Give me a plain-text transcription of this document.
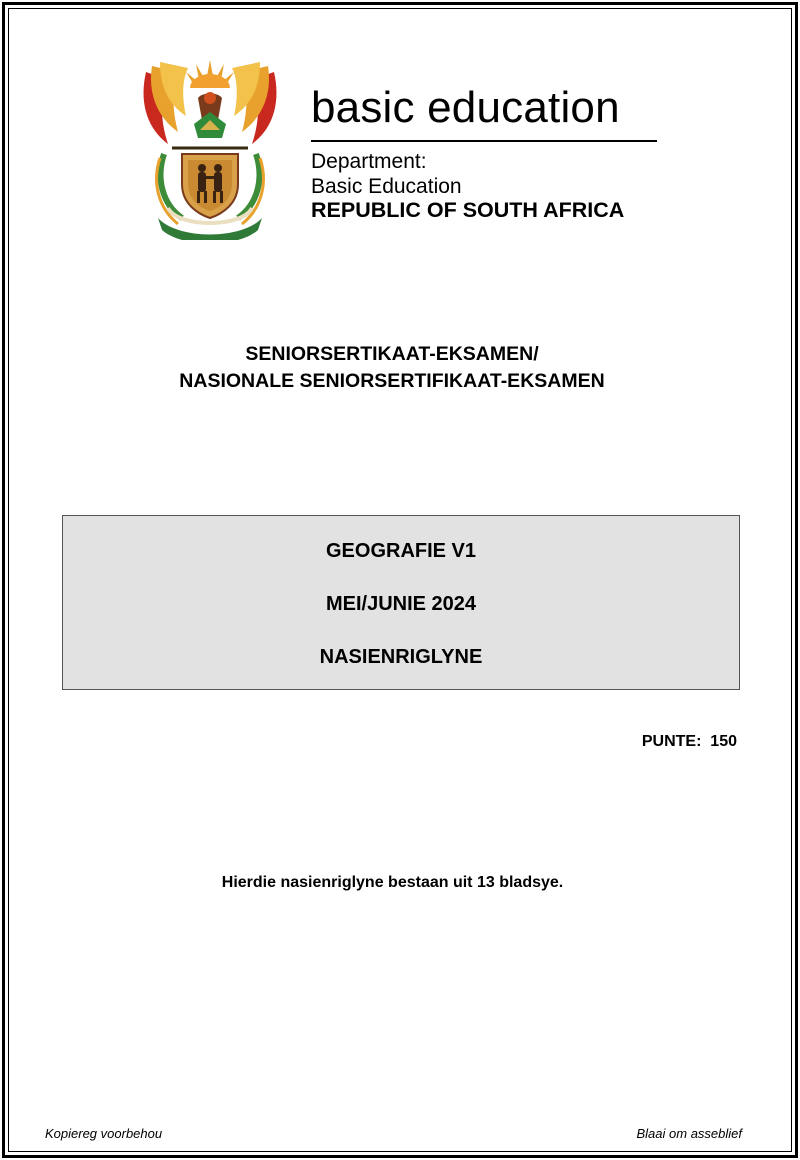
basic education
Department:
Basic Education
REPUBLIC OF SOUTH AFRICA
SENIORSERTIKAAT-EKSAMEN/
NASIONALE SENIORSERTIFIKAAT-EKSAMEN
GEOGRAFIE V1
MEI/JUNIE 2024
NASIENRIGLYNE
PUNTE:  150
Hierdie nasienriglyne bestaan uit 13 bladsye.
Kopiereg voorbehou	Blaai om asseblief
